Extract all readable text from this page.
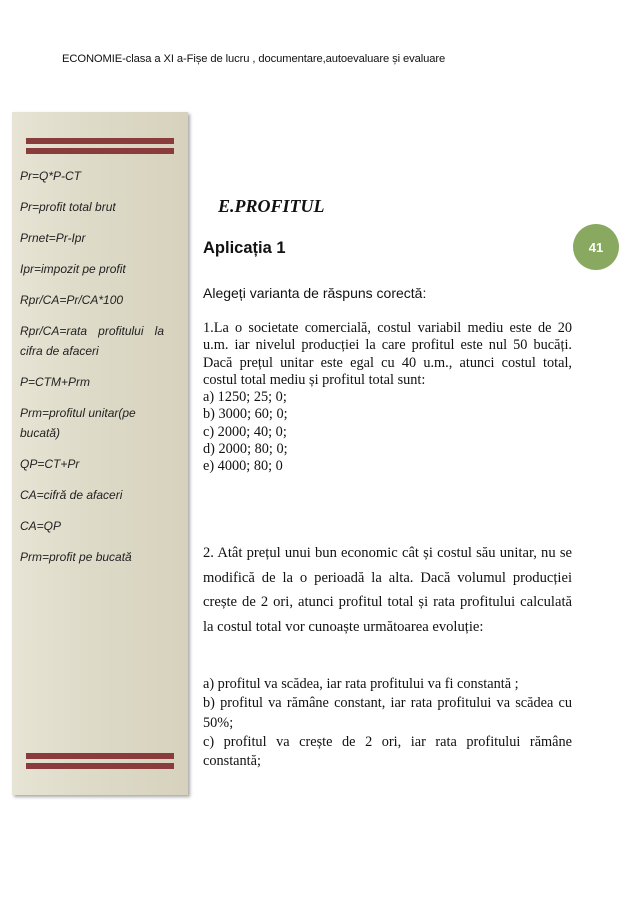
ECONOMIE-clasa a XI a-Fișe de lucru , documentare,autoevaluare și evaluare
Pr=Q*P-CT
Pr=profit total brut
Prnet=Pr-Ipr
Ipr=impozit pe profit
Rpr/CA=Pr/CA*100
Rpr/CA=rata profitului la cifra de afaceri
P=CTM+Prm
Prm=profitul unitar(pe bucată)
QP=CT+Pr
CA=cifră de afaceri
CA=QP
Prm=profit pe bucată
E.PROFITUL
Aplicația 1	41
Alegeți varianta de răspuns corectă:
1.La o societate comercială, costul variabil mediu este de 20 u.m. iar nivelul producției la care profitul este nul 50 bucăți. Dacă prețul unitar este egal cu 40 u.m., atunci costul total, costul total mediu și profitul total sunt:
a) 1250; 25; 0;
b) 3000; 60; 0;
c) 2000; 40; 0;
d) 2000; 80; 0;
e) 4000; 80; 0
2. Atât prețul unui bun economic cât și costul său unitar, nu se modifică de la o perioadă la alta. Dacă volumul producției crește de 2 ori, atunci profitul total și rata profitului calculată la costul total vor cunoaște următoarea evoluție:
a) profitul va scădea, iar rata profitului va fi constantă ;
b) profitul va rămâne constant, iar rata profitului va scădea cu 50%;
c) profitul va crește de 2 ori, iar rata profitului rămâne constantă;
